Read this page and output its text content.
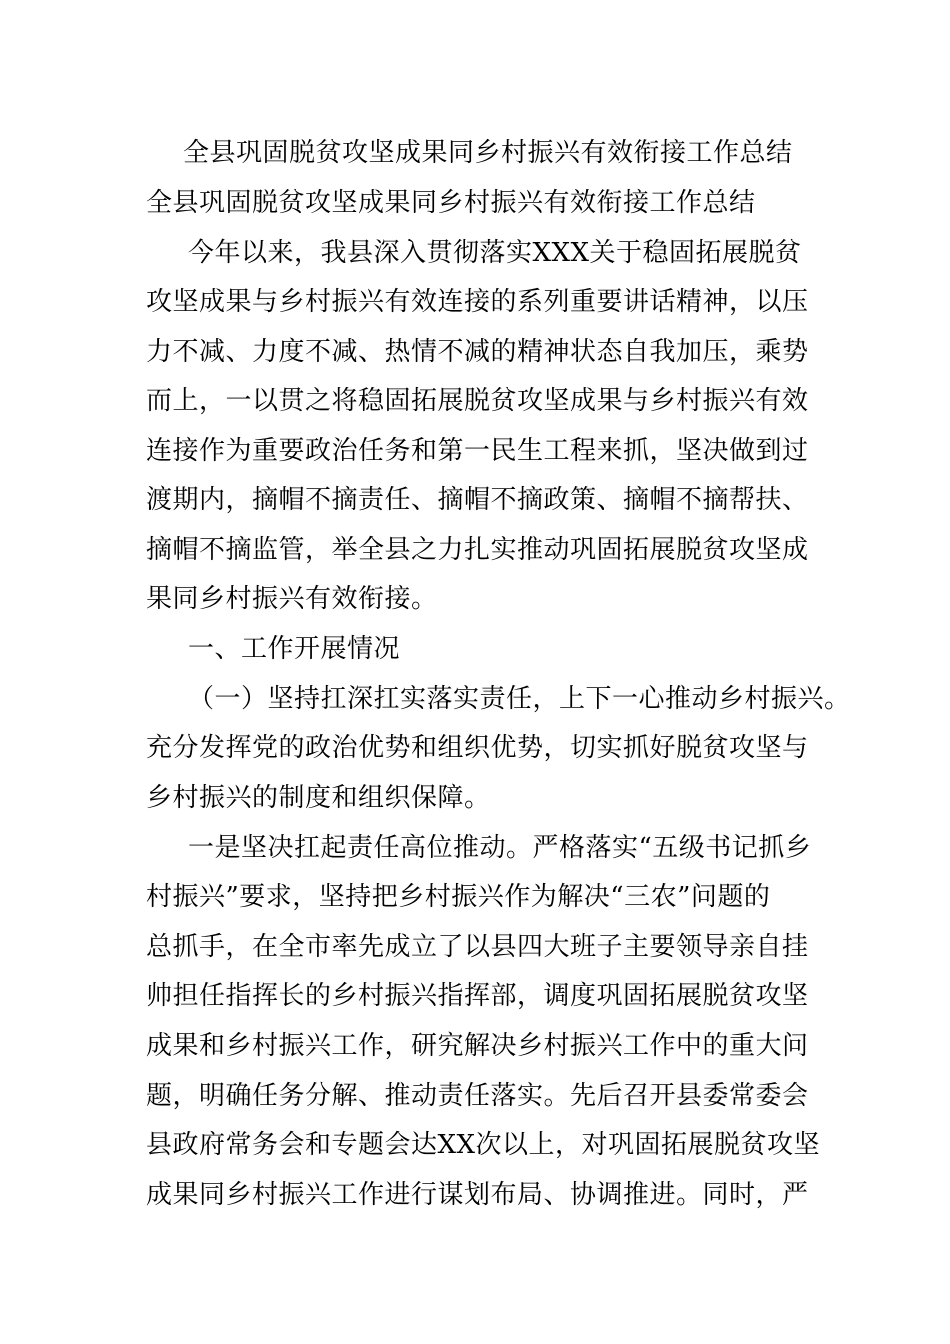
全县巩固脱贫攻坚成果同乡村振兴有效衔接工作总结
全县巩固脱贫攻坚成果同乡村振兴有效衔接工作总结
今年以来，我县深入贯彻落实XXX关于稳固拓展脱贫
攻坚成果与乡村振兴有效连接的系列重要讲话精神，以压
力不减、力度不减、热情不减的精神状态自我加压，乘势
而上，一以贯之将稳固拓展脱贫攻坚成果与乡村振兴有效
连接作为重要政治任务和第一民生工程来抓，坚决做到过
渡期内，摘帽不摘责任、摘帽不摘政策、摘帽不摘帮扶、
摘帽不摘监管，举全县之力扎实推动巩固拓展脱贫攻坚成
果同乡村振兴有效衔接。
一、工作开展情况
（一）坚持扛深扛实落实责任，上下一心推动乡村振兴。
充分发挥党的政治优势和组织优势，切实抓好脱贫攻坚与
乡村振兴的制度和组织保障。
一是坚决扛起责任高位推动。严格落实“五级书记抓乡
村振兴”要求，坚持把乡村振兴作为解决“三农”问题的
总抓手，在全市率先成立了以县四大班子主要领导亲自挂
帅担任指挥长的乡村振兴指挥部，调度巩固拓展脱贫攻坚
成果和乡村振兴工作，研究解决乡村振兴工作中的重大问
题，明确任务分解、推动责任落实。先后召开县委常委会
县政府常务会和专题会达XX次以上，对巩固拓展脱贫攻坚
成果同乡村振兴工作进行谋划布局、协调推进。同时，严
